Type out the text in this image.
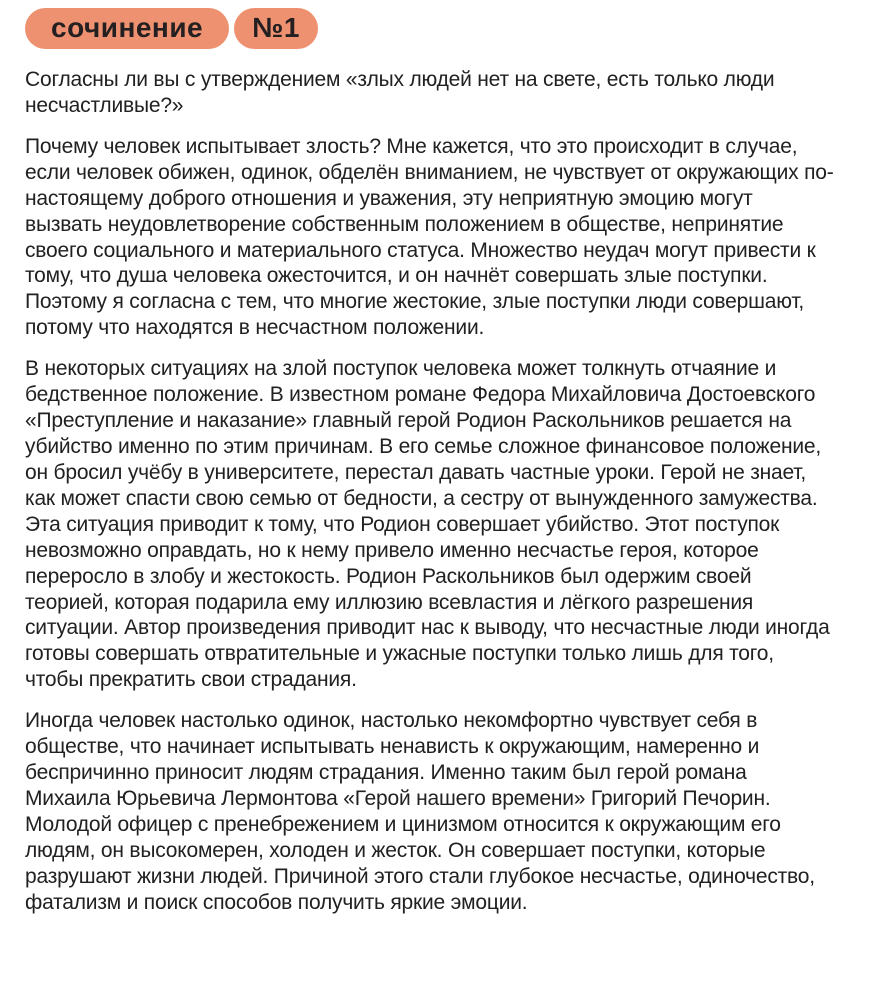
сочинение №1

Согласны ли вы с утверждением «злых людей нет на свете, есть только люди несчастливые?»

Почему человек испытывает злость? Мне кажется, что это происходит в случае, если человек обижен, одинок, обделён вниманием, не чувствует от окружающих по-настоящему доброго отношения и уважения, эту неприятную эмоцию могут вызвать неудовлетворение собственным положением в обществе, непринятие своего социального и материального статуса. Множество неудач могут привести к тому, что душа человека ожесточится, и он начнёт совершать злые поступки. Поэтому я согласна с тем, что многие жестокие, злые поступки люди совершают, потому что находятся в несчастном положении.

В некоторых ситуациях на злой поступок человека может толкнуть отчаяние и бедственное положение. В известном романе Федора Михайловича Достоевского «Преступление и наказание» главный герой Родион Раскольников решается на убийство именно по этим причинам. В его семье сложное финансовое положение, он бросил учёбу в университете, перестал давать частные уроки. Герой не знает, как может спасти свою семью от бедности, а сестру от вынужденного замужества. Эта ситуация приводит к тому, что Родион совершает убийство. Этот поступок невозможно оправдать, но к нему привело именно несчастье героя, которое переросло в злобу и жестокость. Родион Раскольников был одержим своей теорией, которая подарила ему иллюзию всевластия и лёгкого разрешения ситуации. Автор произведения приводит нас к выводу, что несчастные люди иногда готовы совершать отвратительные и ужасные поступки только лишь для того, чтобы прекратить свои страдания.

Иногда человек настолько одинок, настолько некомфортно чувствует себя в обществе, что начинает испытывать ненависть к окружающим, намеренно и беспричинно приносит людям страдания. Именно таким был герой романа Михаила Юрьевича Лермонтова «Герой нашего времени» Григорий Печорин. Молодой офицер с пренебрежением и цинизмом относится к окружающим его людям, он высокомерен, холоден и жесток. Он совершает поступки, которые разрушают жизни людей. Причиной этого стали глубокое несчастье, одиночество, фатализм и поиск способов получить яркие эмоции.
